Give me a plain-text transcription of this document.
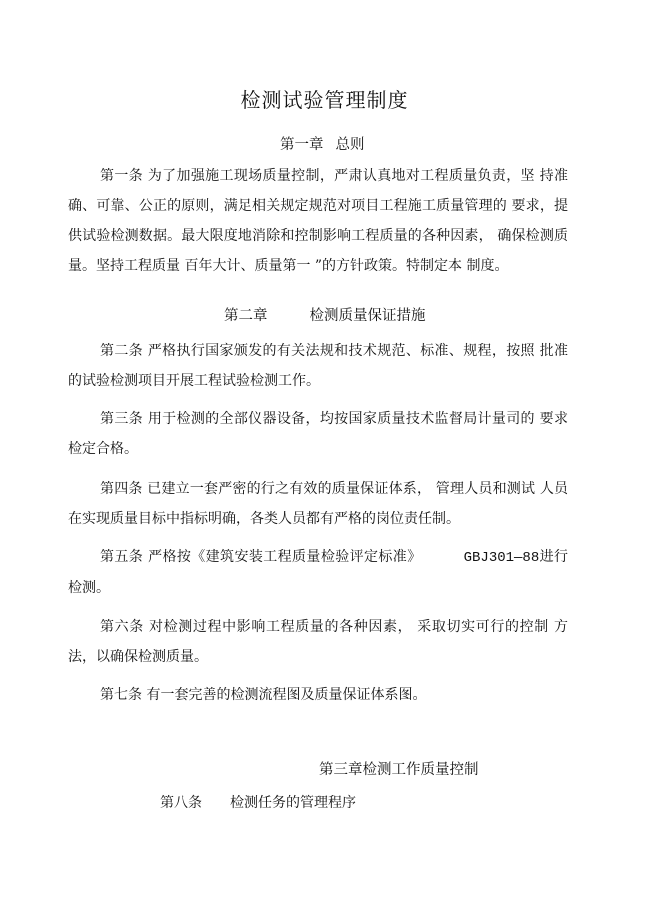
检测试验管理制度
第一章 总则
第一条 为了加强施工现场质量控制，严肃认真地对工程质量负责，坚 持准确、可靠、公正的原则，满足相关规定规范对项目工程施工质量管理的 要求，提供试验检测数据。最大限度地消除和控制影响工程质量的各种因素， 确保检测质量。坚持工程质量 百年大计、质量第一 ”的方针政策。特制定本 制度。
第二章	检测质量保证措施
第二条 严格执行国家颁发的有关法规和技术规范、标准、规程，按照 批准的试验检测项目开展工程试验检测工作。
第三条 用于检测的全部仪器设备，均按国家质量技术监督局计量司的 要求检定合格。
第四条 已建立一套严密的行之有效的质量保证体系， 管理人员和测试 人员在实现质量目标中指标明确，各类人员都有严格的岗位责任制。
第五条 严格按《建筑安装工程质量检验评定标准》	GBJ301—88进行检测。
第六条 对检测过程中影响工程质量的各种因素， 采取切实可行的控制 方法，以确保检测质量。
第七条 有一套完善的检测流程图及质量保证体系图。
第三章检测工作质量控制
第八条 检测任务的管理程序
